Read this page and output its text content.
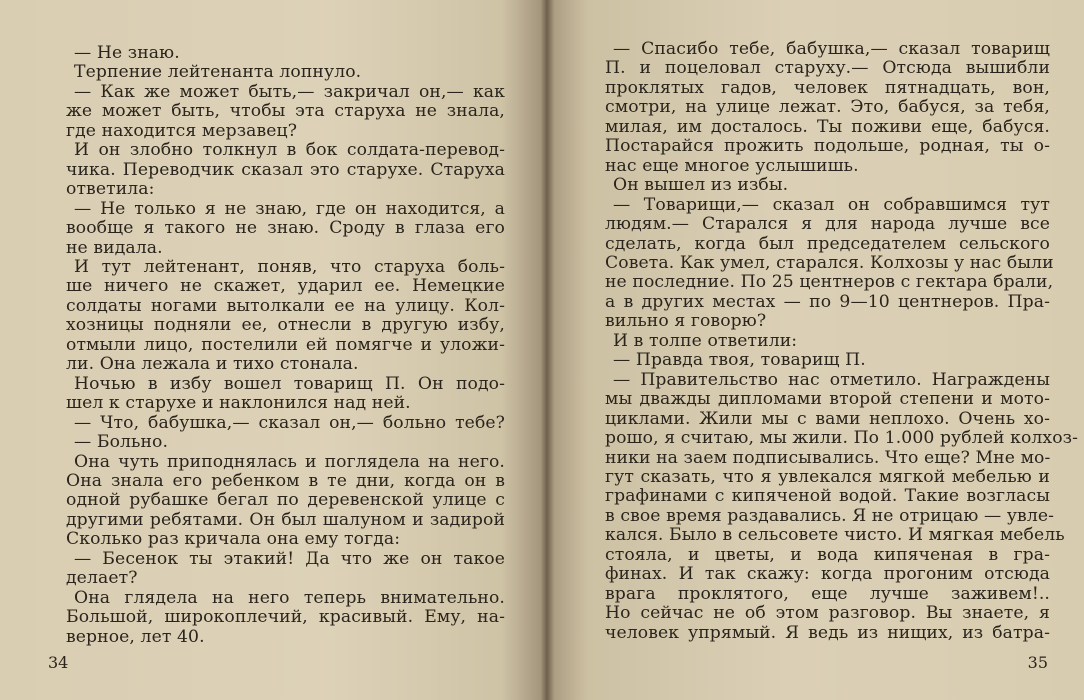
— Не знаю.
Терпение лейтенанта лопнуло.
— Как же может быть,— закричал он,— как
же может быть, чтобы эта старуха не знала,
где находится мерзавец?
И он злобно толкнул в бок солдата-перевод-
чика. Переводчик сказал это старухе. Старуха
ответила:
— Не только я не знаю, где он находится, а
вообще я такого не знаю. Сроду в глаза его
не видала.
И тут лейтенант, поняв, что старуха боль-
ше ничего не скажет, ударил ее. Немецкие
солдаты ногами вытолкали ее на улицу. Кол-
хозницы подняли ее, отнесли в другую избу,
отмыли лицо, постелили ей помягче и уложи-
ли. Она лежала и тихо стонала.
Ночью в избу вошел товарищ П. Он подо-
шел к старухе и наклонился над ней.
— Что, бабушка,— сказал он,— больно тебе?
— Больно.
Она чуть приподнялась и поглядела на него.
Она знала его ребенком в те дни, когда он в
одной рубашке бегал по деревенской улице с
другими ребятами. Он был шалуном и задирой
Сколько раз кричала она ему тогда:
— Бесенок ты этакий! Да что же он такое
делает?
Она глядела на него теперь внимательно.
Большой, широкоплечий, красивый. Ему, на-
верное, лет 40.
34
— Спасибо тебе, бабушка,— сказал товарищ
П. и поцеловал старуху.— Отсюда вышибли
проклятых гадов, человек пятнадцать, вон,
смотри, на улице лежат. Это, бабуся, за тебя,
милая, им досталось. Ты поживи еще, бабуся.
Постарайся прожить подольше, родная, ты о-
нас еще многое услышишь.
Он вышел из избы.
— Товарищи,— сказал он собравшимся тут
людям.— Старался я для народа лучше все
сделать, когда был председателем сельского
Совета. Как умел, старался. Колхозы у нас были
не последние. По 25 центнеров с гектара брали,
а в других местах — по 9—10 центнеров. Пра-
вильно я говорю?
И в толпе ответили:
— Правда твоя, товарищ П.
— Правительство нас отметило. Награждены
мы дважды дипломами второй степени и мото-
циклами. Жили мы с вами неплохо. Очень хо-
рошо, я считаю, мы жили. По 1.000 рублей колхоз-
ники на заем подписывались. Что еще? Мне мо-
гут сказать, что я увлекался мягкой мебелью и
графинами с кипяченой водой. Такие возгласы
в свое время раздавались. Я не отрицаю — увле-
кался. Было в сельсовете чисто. И мягкая мебель
стояла, и цветы, и вода кипяченая в гра-
финах. И так скажу: когда прогоним отсюда
врага проклятого, еще лучше заживем!..
Но сейчас не об этом разговор. Вы знаете, я
человек упрямый. Я ведь из нищих, из батра-
35
